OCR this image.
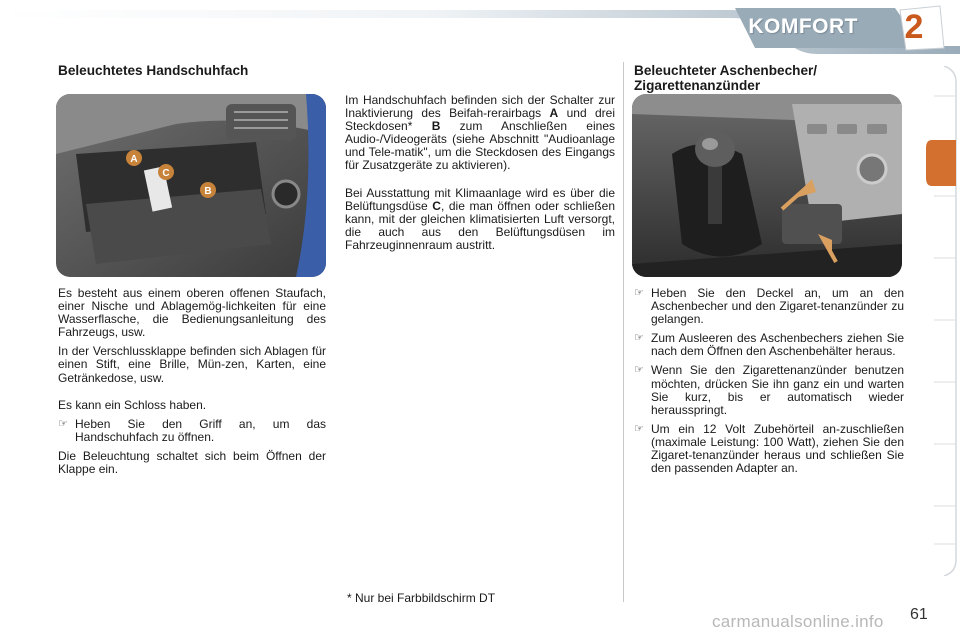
KOMFORT	2
Beleuchtetes Handschuhfach
A
C
B

Es besteht aus einem oberen offenen Staufach, einer Nische und Ablagemög-lichkeiten für eine Wasserflasche, die Bedienungsanleitung des Fahrzeugs, usw.

In der Verschlussklappe befinden sich Ablagen für einen Stift, eine Brille, Mün-zen, Karten, eine Getränkedose, usw.

Es kann ein Schloss haben.

☞ Heben Sie den Griff an, um das Handschuhfach zu öffnen.

Die Beleuchtung schaltet sich beim Öffnen der Klappe ein.

Im Handschuhfach befinden sich der Schalter zur Inaktivierung des Beifah-rerairbags A und drei Steckdosen* B zum Anschließen eines Audio-/Videogeräts (siehe Abschnitt "Audioanlage und Tele-matik", um die Steckdosen des Eingangs für Zusatzgeräte zu aktivieren).

Bei Ausstattung mit Klimaanlage wird es über die Belüftungsdüse C, die man öffnen oder schließen kann, mit der gleichen klimatisierten Luft versorgt, die auch aus den Belüftungsdüsen im Fahrzeuginnenraum austritt.

Beleuchteter Aschenbecher/
Zigarettenanzünder
☞ Heben Sie den Deckel an, um an den Aschenbecher und den Zigaret-tenanzünder zu gelangen.
☞ Zum Ausleeren des Aschenbechers ziehen Sie nach dem Öffnen den Aschenbehälter heraus.
☞ Wenn Sie den Zigarettenanzünder benutzen möchten, drücken Sie ihn ganz ein und warten Sie kurz, bis er automatisch wieder herausspringt.
☞ Um ein 12 Volt Zubehörteil an-zuschließen (maximale Leistung: 100 Watt), ziehen Sie den Zigaret-tenanzünder heraus und schließen Sie den passenden Adapter an.
* Nur bei Farbbildschirm DT
61
carmanualsonline.info
